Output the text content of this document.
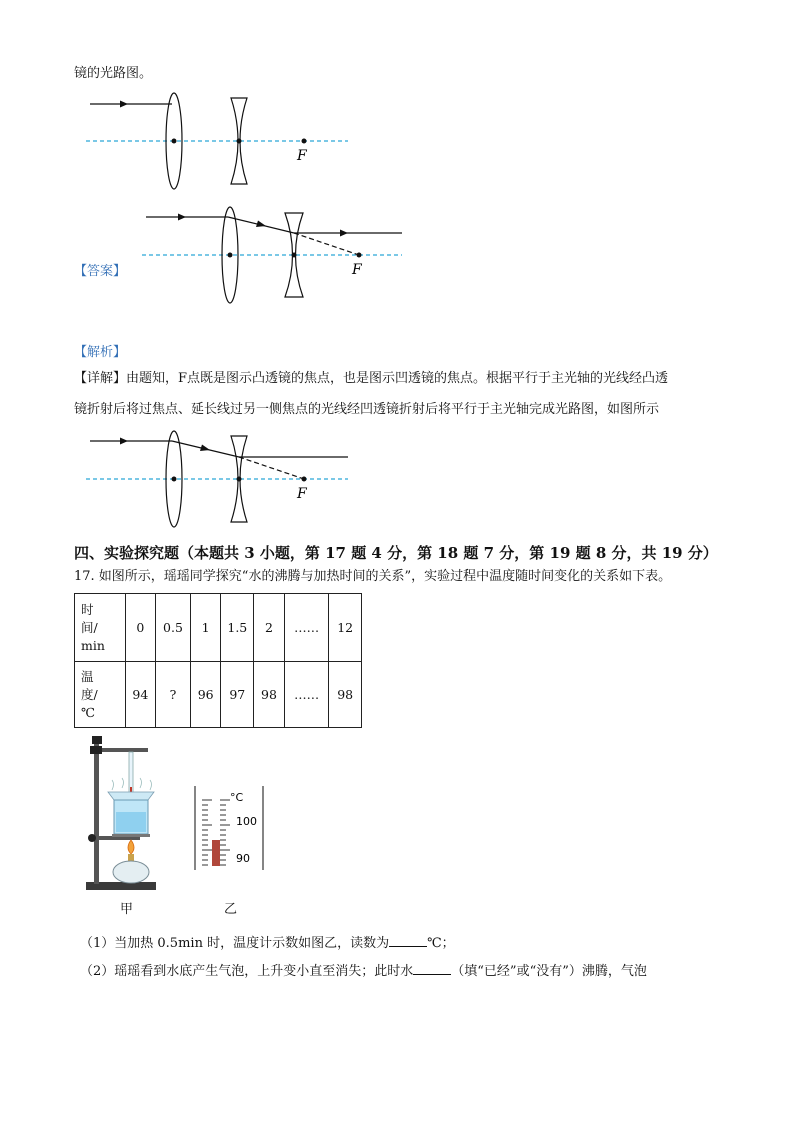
镜的光路图。
F
【答案】	F
【解析】
【详解】由题知，F点既是图示凸透镜的焦点，也是图示凹透镜的焦点。根据平行于主光轴的光线经凸透
镜折射后将过焦点、延长线过另一侧焦点的光线经凹透镜折射后将平行于主光轴完成光路图，如图所示
F
四、实验探究题（本题共 3 小题，第 17 题 4 分，第 18 题 7 分，第 19 题 8 分，共 19 分）
17. 如图所示，瑶瑶同学探究“水的沸腾与加热时间的关系”，实验过程中温度随时间变化的关系如下表。
时
间/
min	0	0.5	1	1.5	2	……	12

温
度/
℃	94	?	96	97	98	……	98
°C
100
90
甲	乙
（1）当加热 0.5min 时，温度计示数如图乙，读数为	℃；
（2）瑶瑶看到水底产生气泡，上升变小直至消失；此时水	（填“已经”或“没有”）沸腾，气泡
